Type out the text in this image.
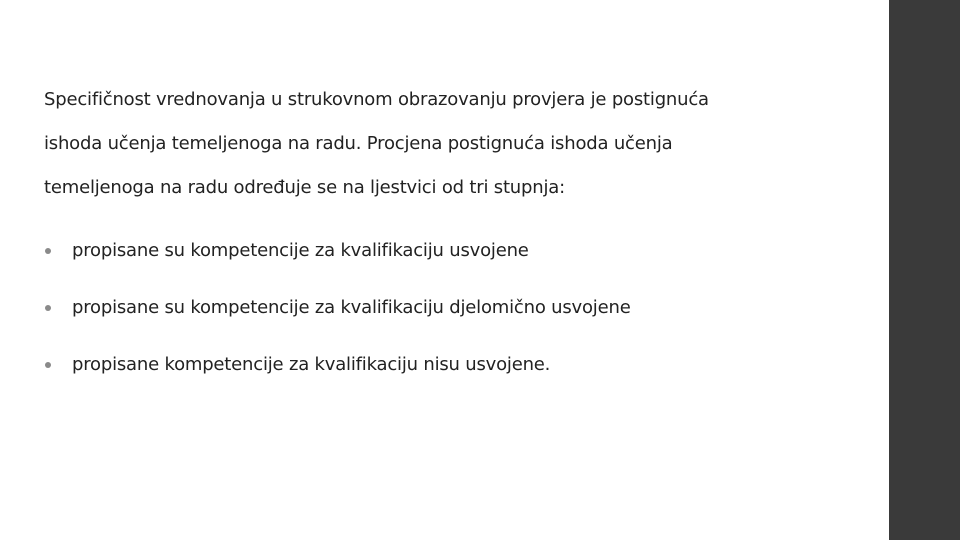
Specifičnost vrednovanja u strukovnom obrazovanju provjera je postignuća
ishoda učenja temeljenoga na radu. Procjena postignuća ishoda učenja
temeljenoga na radu određuje se na ljestvici od tri stupnja:

propisane su kompetencije za kvalifikaciju usvojene
propisane su kompetencije za kvalifikaciju djelomično usvojene
propisane kompetencije za kvalifikaciju nisu usvojene.
